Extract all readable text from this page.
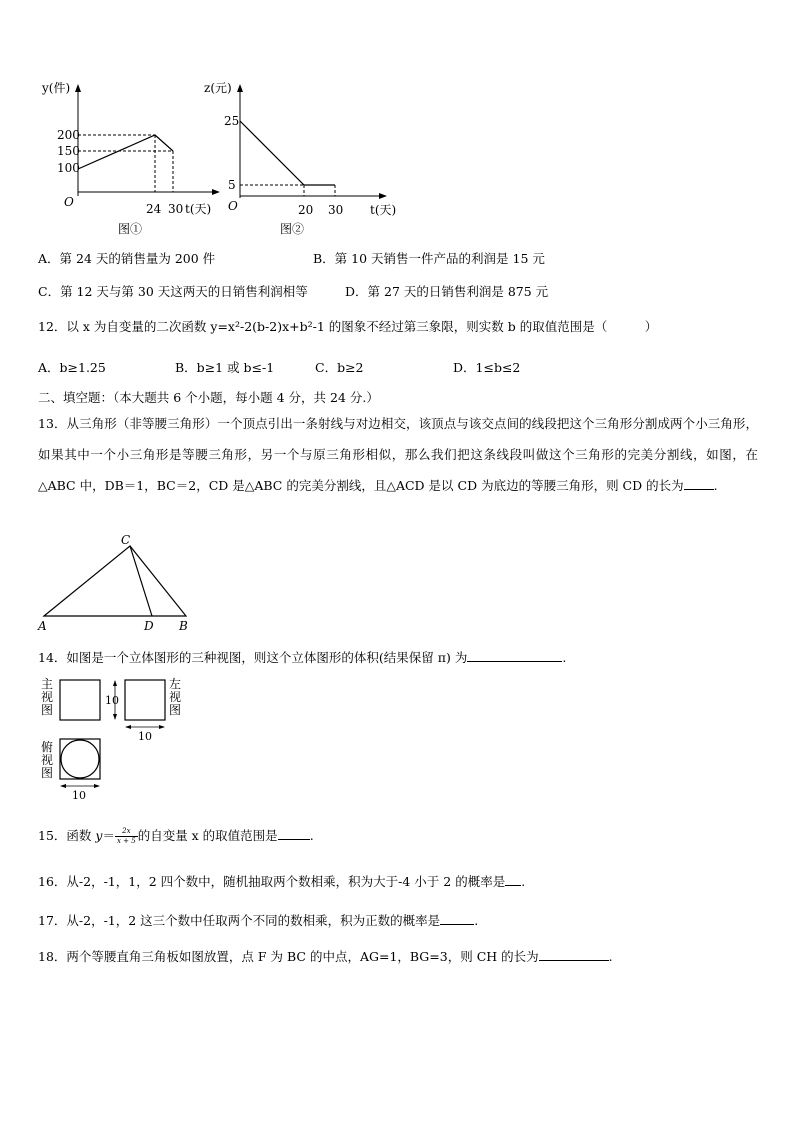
y(件)
200
150
100
O	24 30 t(天)
图①
z(元)
25
5
O	20 30 t(天)
图②
A．第 24 天的销售量为 200 件	B．第 10 天销售一件产品的利润是 15 元
C．第 12 天与第 30 天这两天的日销售利润相等	D．第 27 天的日销售利润是 875 元
12．以 x 为自变量的二次函数 y=x²-2(b-2)x+b²-1 的图象不经过第三象限，则实数 b 的取值范围是（　　　）
A．b≥1.25	B．b≥1 或 b≤-1	C．b≥2	D．1≤b≤2
二、填空题：（本大题共 6 个小题，每小题 4 分，共 24 分.）
13．从三角形（非等腰三角形）一个顶点引出一条射线与对边相交，该顶点与该交点间的线段把这个三角形分割成两个小三角形，如果其中一个小三角形是等腰三角形，另一个与原三角形相似，那么我们把这条线段叫做这个三角形的完美分割线，如图，在△ABC 中，DB＝1，BC＝2，CD 是△ABC 的完美分割线，且△ACD 是以 CD 为底边的等腰三角形，则 CD 的长为 .
C
A	D B
14．如图是一个立体图形的三种视图，则这个立体图形的体积(结果保留 π) 为	.
主
视
图
10
左
视
图
10
俯
视
图
10
15．函数 $y= \frac{2x}{x + 5}$ 的自变量 x 的取值范围是	.
16．从-2，-1，1，2 四个数中，随机抽取两个数相乘，积为大于-4 小于 2 的概率是 .
17．从-2，-1，2 这三个数中任取两个不同的数相乘，积为正数的概率是	.
18．两个等腰直角三角板如图放置，点 F 为 BC 的中点，AG=1，BG=3，则 CH 的长为	.
